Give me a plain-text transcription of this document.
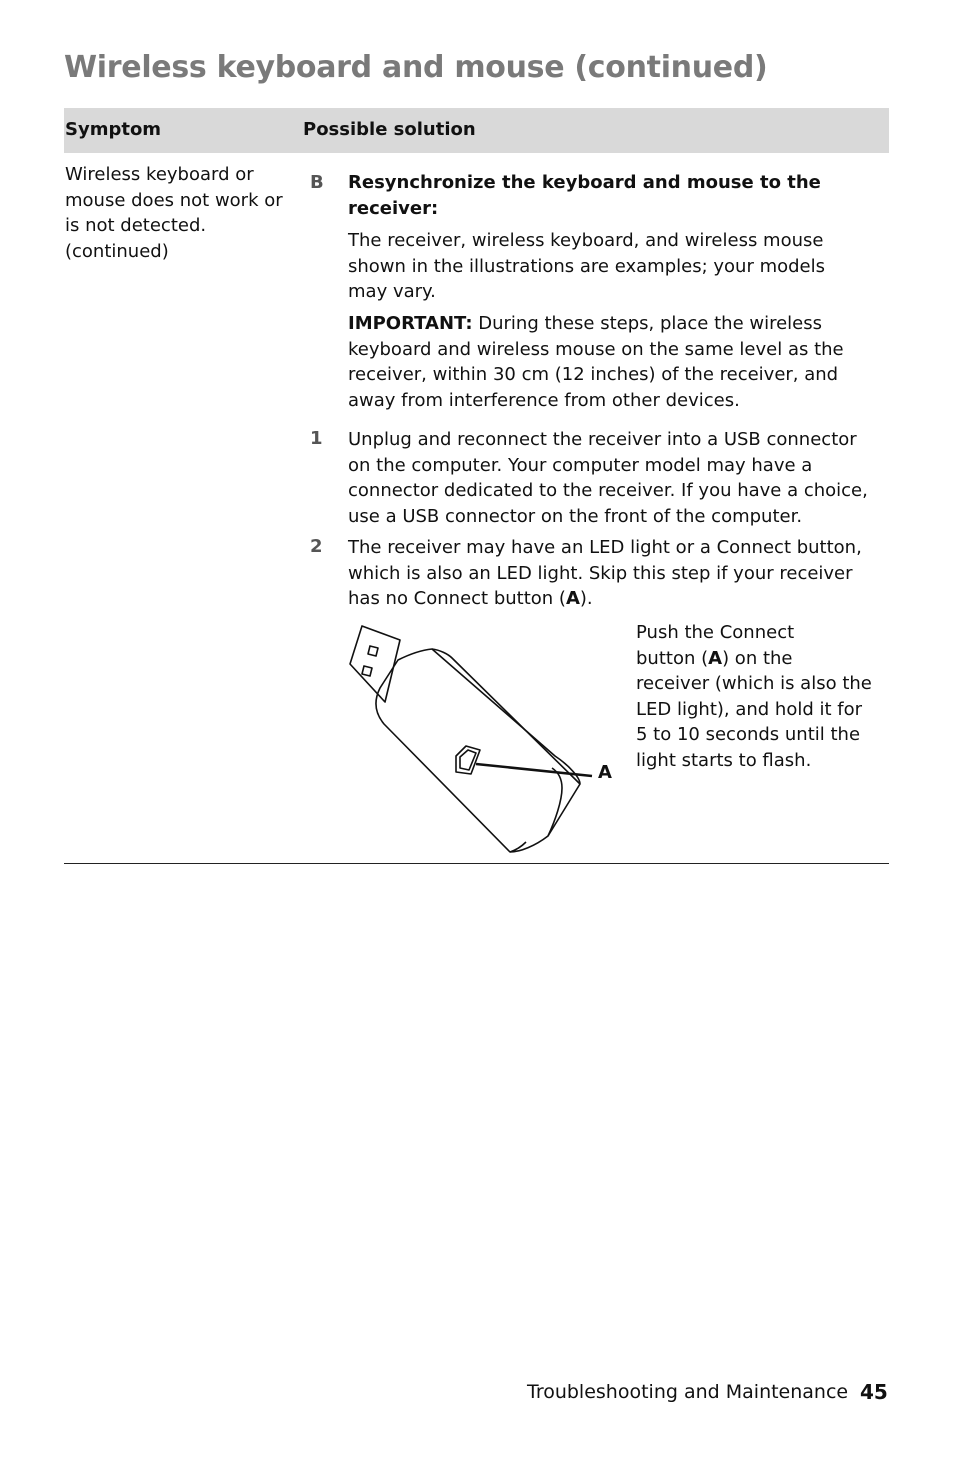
Wireless keyboard and mouse (continued)
Symptom	Possible solution
Wireless keyboard or
mouse does not work or
is not detected.
(continued)
B Resynchronize the keyboard and mouse to the
receiver:
The receiver, wireless keyboard, and wireless mouse
shown in the illustrations are examples; your models
may vary.
IMPORTANT: During these steps, place the wireless
keyboard and wireless mouse on the same level as the
receiver, within 30 cm (12 inches) of the receiver, and
away from interference from other devices.
1 Unplug and reconnect the receiver into a USB connector
on the computer. Your computer model may have a
connector dedicated to the receiver. If you have a choice,
use a USB connector on the front of the computer.
2 The receiver may have an LED light or a Connect button,
which is also an LED light. Skip this step if your receiver
has no Connect button (A).
A
Push the Connect
button (A) on the
receiver (which is also the
LED light), and hold it for
5 to 10 seconds until the
light starts to flash.
Troubleshooting and Maintenance 45
